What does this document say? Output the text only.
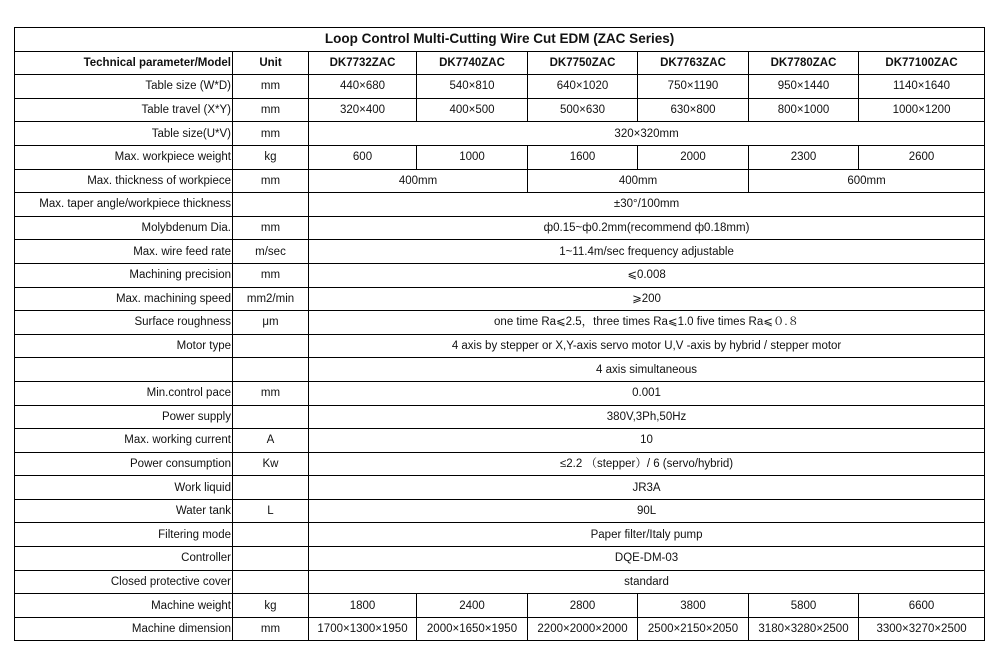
Loop Control Multi-Cutting Wire Cut EDM (ZAC Series)							
Technical parameter/Model	Unit	DK7732ZAC	DK7740ZAC	DK7750ZAC	DK7763ZAC	DK7780ZAC	DK77100ZAC
Table size (W*D)	mm	440×680	540×810	640×1020	750×1190	950×1440	1140×1640
Table travel (X*Y)	mm	320×400	400×500	500×630	630×800	800×1000	1000×1200
Table size(U*V)	mm	320×320mm					
Max. workpiece weight	kg	600	1000	1600	2000	2300	2600
Max. thickness of workpiece	mm	400mm		400mm		600mm	
Max. taper angle/workpiece thickness		±30°/100mm					
Molybdenum Dia.	mm	ф0.15~ф0.2mm(recommend ф0.18mm)					
Max. wire feed rate	m/sec	1~11.4m/sec frequency adjustable					
Machining precision	mm	⩽0.008					
Max. machining speed	mm2/min	⩾200					
Surface roughness	μm	one time Ra⩽2.5，three times Ra⩽1.0 five times Ra⩽０.８					
Motor type		4 axis by stepper or X,Y-axis servo motor U,V -axis by hybrid / stepper motor					
		4 axis simultaneous					
Min.control pace	mm	0.001					
Power supply		380V,3Ph,50Hz					
Max. working current	A	10					
Power consumption	Kw	≤2.2 （stepper）/ 6 (servo/hybrid)					
Work liquid		JR3A					
Water tank	L	90L					
Filtering mode		Paper filter/Italy pump					
Controller		DQE-DM-03					
Closed protective cover		standard					
Machine weight	kg	1800	2400	2800	3800	5800	6600
Machine dimension	mm	1700×1300×1950	2000×1650×1950	2200×2000×2000	2500×2150×2050	3180×3280×2500	3300×3270×2500
